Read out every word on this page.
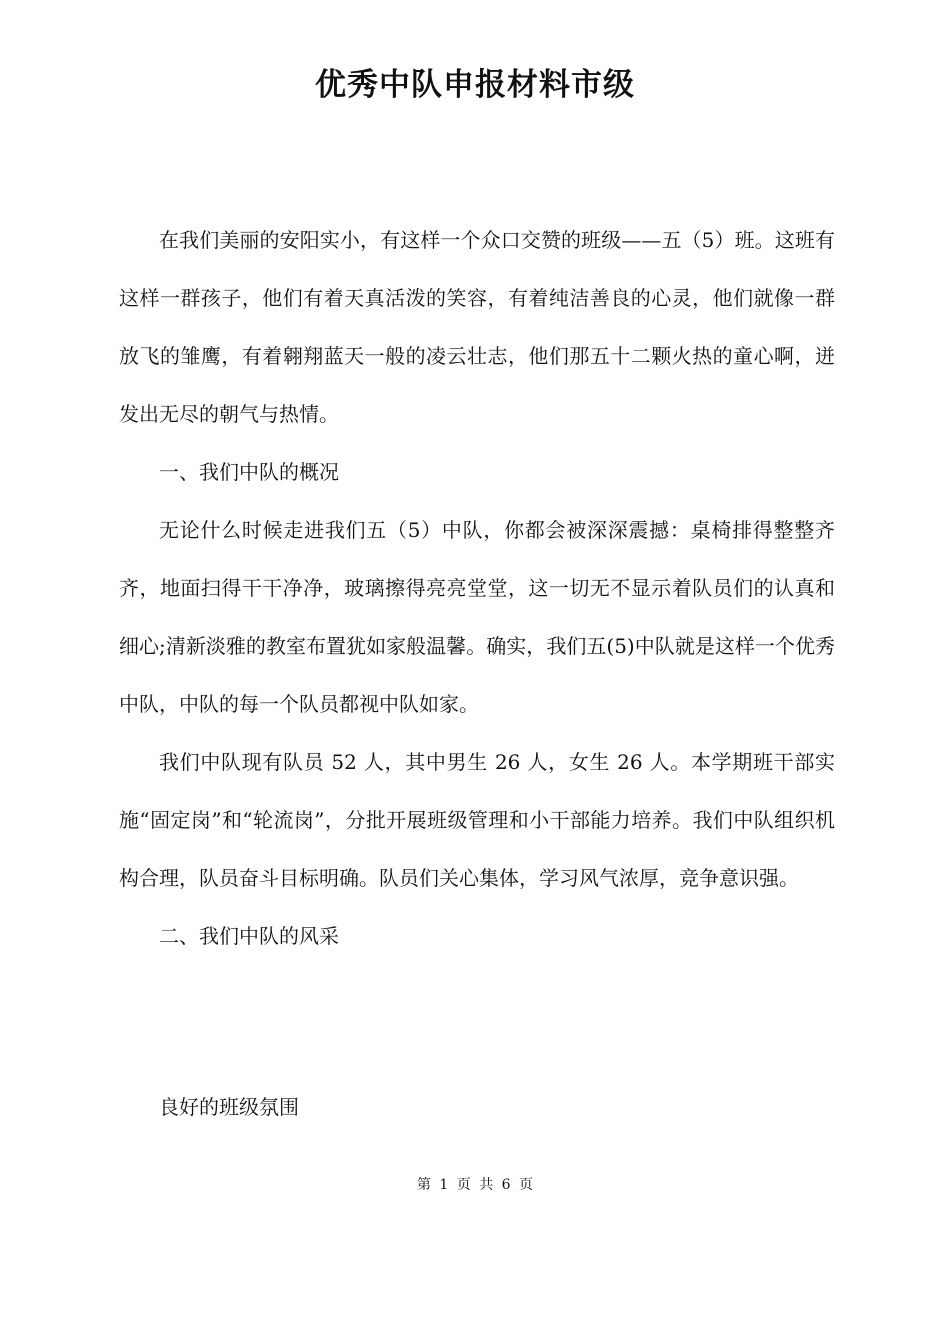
优秀中队申报材料市级

在我们美丽的安阳实小，有这样一个众口交赞的班级——五（5）班。这班有这样一群孩子，他们有着天真活泼的笑容，有着纯洁善良的心灵，他们就像一群放飞的雏鹰，有着翱翔蓝天一般的凌云壮志，他们那五十二颗火热的童心啊，迸发出无尽的朝气与热情。

一、我们中队的概况

无论什么时候走进我们五（5）中队，你都会被深深震撼：桌椅排得整整齐齐，地面扫得干干净净，玻璃擦得亮亮堂堂，这一切无不显示着队员们的认真和细心;清新淡雅的教室布置犹如家般温馨。确实，我们五(5)中队就是这样一个优秀中队，中队的每一个队员都视中队如家。

我们中队现有队员 52 人，其中男生 26 人，女生 26 人。本学期班干部实施“固定岗”和“轮流岗”，分批开展班级管理和小干部能力培养。我们中队组织机构合理，队员奋斗目标明确。队员们关心集体，学习风气浓厚，竞争意识强。

二、我们中队的风采

良好的班级氛围

第 1 页 共 6 页
